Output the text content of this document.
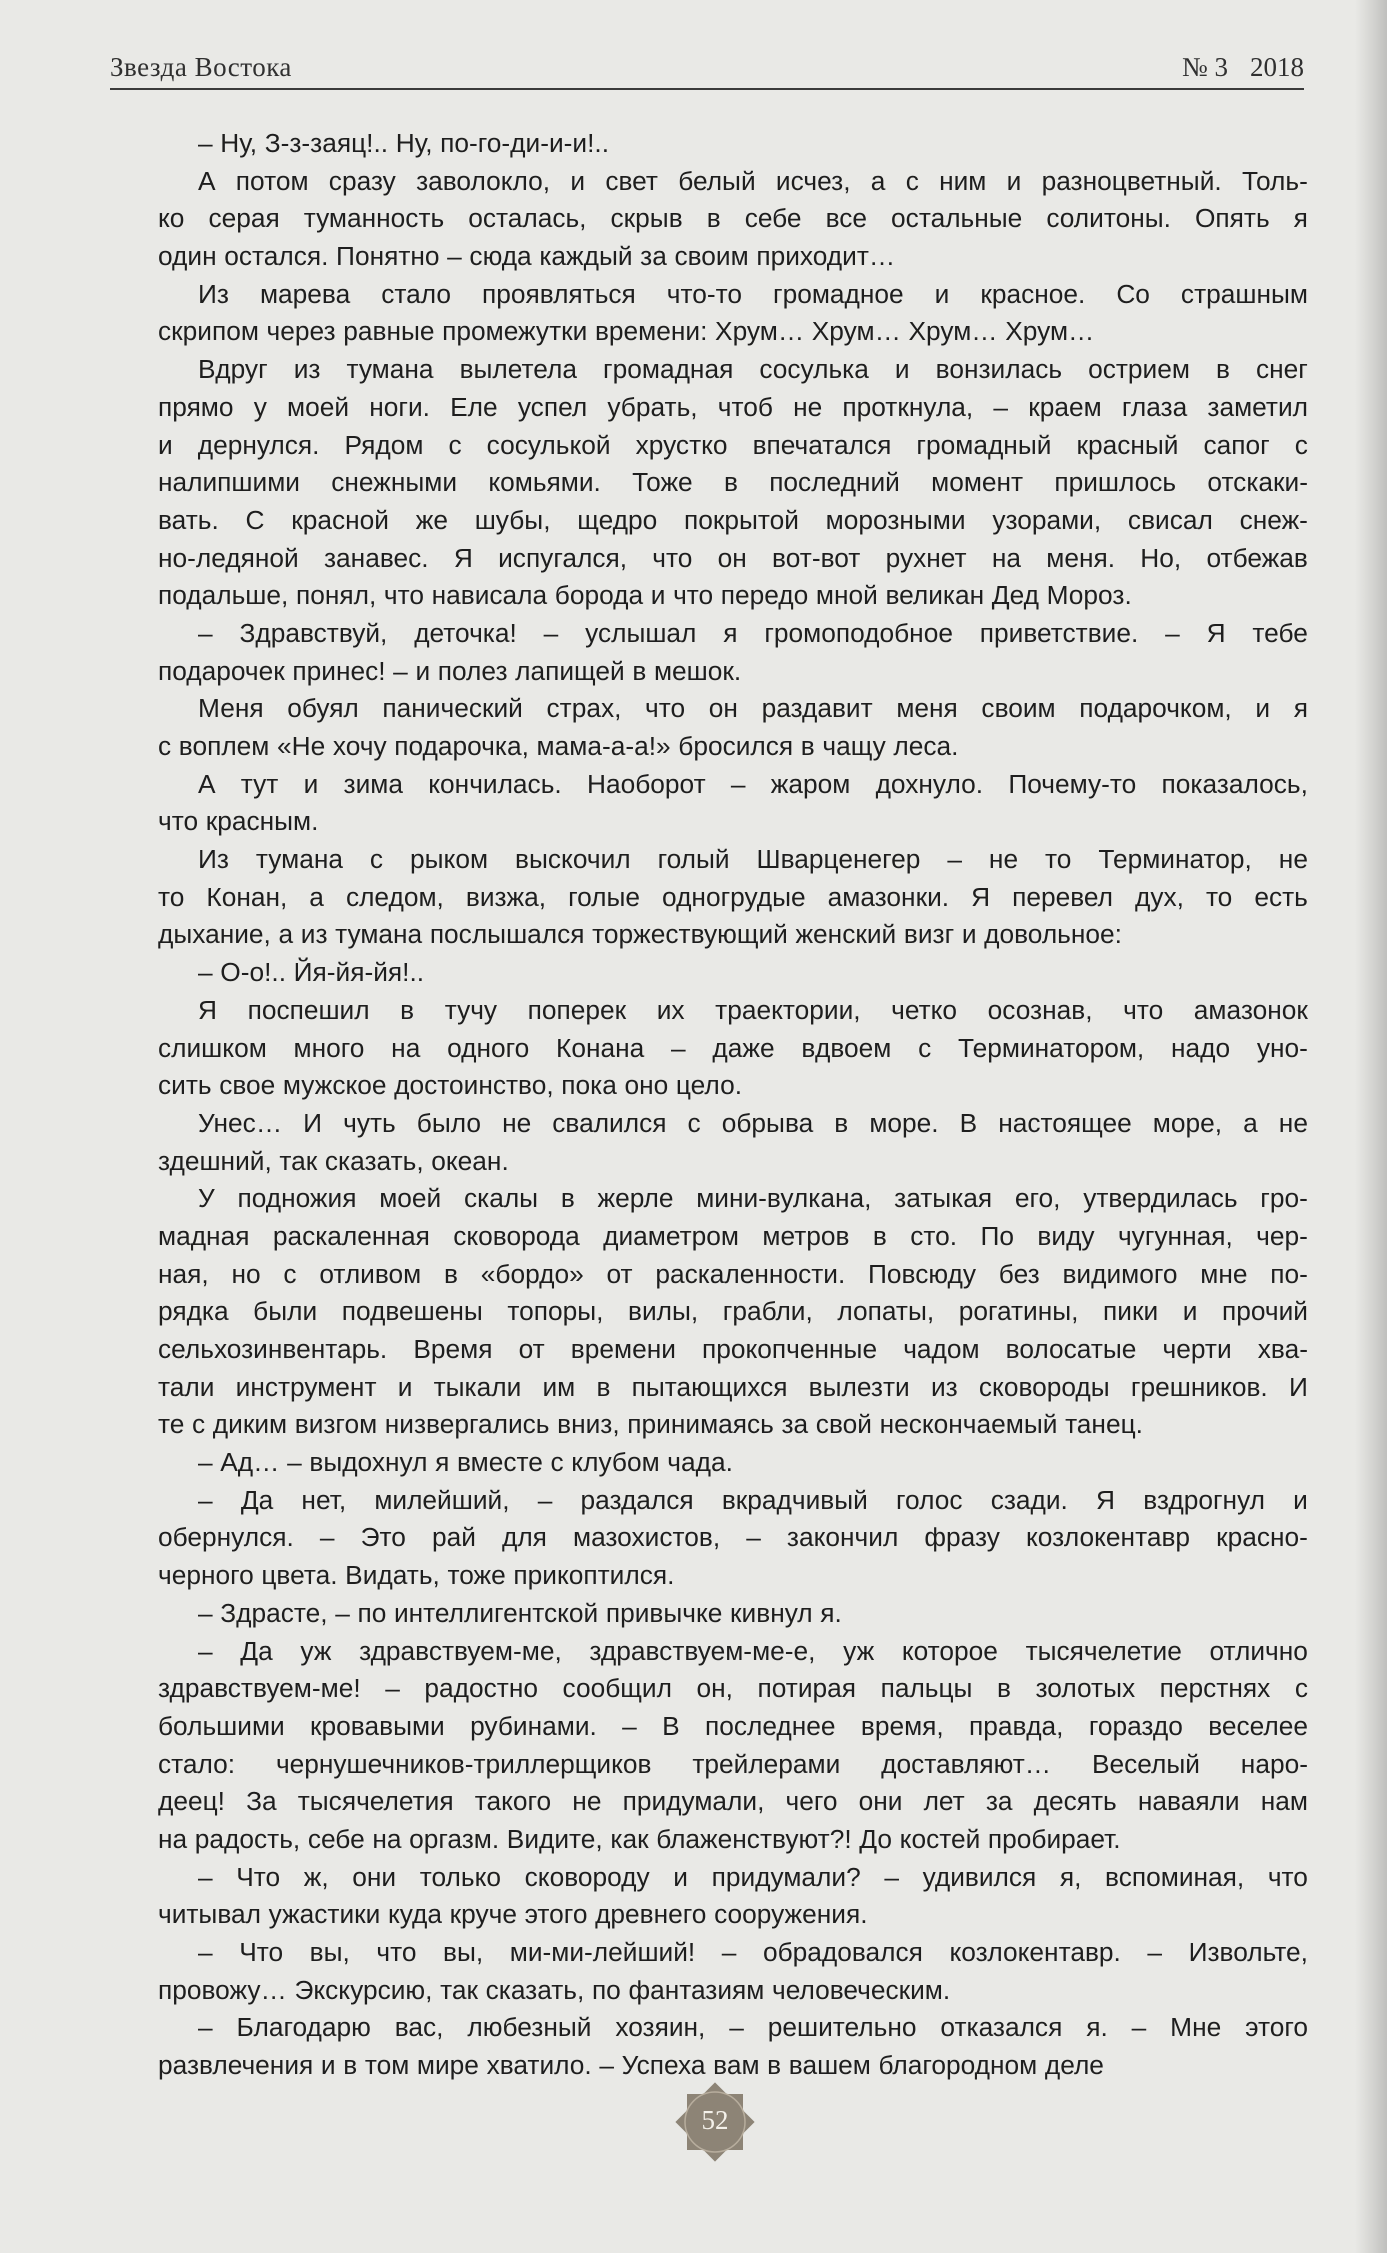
Звезда Востока	№ 3 2018
– Ну, З-з-заяц!.. Ну, по-го-ди-и-и!..
А потом сразу заволокло, и свет белый исчез, а с ним и разноцветный. Толь-
ко серая туманность осталась, скрыв в себе все остальные солитоны. Опять я
один остался. Понятно – сюда каждый за своим приходит…
Из марева стало проявляться что-то громадное и красное. Со страшным
скрипом через равные промежутки времени: Хрум… Хрум… Хрум… Хрум…
Вдруг из тумана вылетела громадная сосулька и вонзилась острием в снег
прямо у моей ноги. Еле успел убрать, чтоб не проткнула, – краем глаза заметил
и дернулся. Рядом с сосулькой хрустко впечатался громадный красный сапог с
налипшими снежными комьями. Тоже в последний момент пришлось отскаки-
вать. С красной же шубы, щедро покрытой морозными узорами, свисал снеж-
но-ледяной занавес. Я испугался, что он вот-вот рухнет на меня. Но, отбежав
подальше, понял, что нависала борода и что передо мной великан Дед Мороз.
– Здравствуй, деточка! – услышал я громоподобное приветствие. – Я тебе
подарочек принес! – и полез лапищей в мешок.
Меня обуял панический страх, что он раздавит меня своим подарочком, и я
с воплем «Не хочу подарочка, мама-а-а!» бросился в чащу леса.
А тут и зима кончилась. Наоборот – жаром дохнуло. Почему-то показалось,
что красным.
Из тумана с рыком выскочил голый Шварценегер – не то Терминатор, не
то Конан, а следом, визжа, голые одногрудые амазонки. Я перевел дух, то есть
дыхание, а из тумана послышался торжествующий женский визг и довольное:
– О-о!.. Йя-йя-йя!..
Я поспешил в тучу поперек их траектории, четко осознав, что амазонок
слишком много на одного Конана – даже вдвоем с Терминатором, надо уно-
сить свое мужское достоинство, пока оно цело.
Унес… И чуть было не свалился с обрыва в море. В настоящее море, а не
здешний, так сказать, океан.
У подножия моей скалы в жерле мини-вулкана, затыкая его, утвердилась гро-
мадная раскаленная сковорода диаметром метров в сто. По виду чугунная, чер-
ная, но с отливом в «бордо» от раскаленности. Повсюду без видимого мне по-
рядка были подвешены топоры, вилы, грабли, лопаты, рогатины, пики и прочий
сельхозинвентарь. Время от времени прокопченные чадом волосатые черти хва-
тали инструмент и тыкали им в пытающихся вылезти из сковороды грешников. И
те с диким визгом низвергались вниз, принимаясь за свой нескончаемый танец.
– Ад… – выдохнул я вместе с клубом чада.
– Да нет, милейший, – раздался вкрадчивый голос сзади. Я вздрогнул и
обернулся. – Это рай для мазохистов, – закончил фразу козлокентавр красно-
черного цвета. Видать, тоже прикоптился.
– Здрасте, – по интеллигентской привычке кивнул я.
– Да уж здравствуем-ме, здравствуем-ме-е, уж которое тысячелетие отлично
здравствуем-ме! – радостно сообщил он, потирая пальцы в золотых перстнях с
большими кровавыми рубинами. – В последнее время, правда, гораздо веселее
стало: чернушечников-триллерщиков трейлерами доставляют… Веселый наро-
деец! За тысячелетия такого не придумали, чего они лет за десять наваяли нам
на радость, себе на оргазм. Видите, как блаженствуют?! До костей пробирает.
– Что ж, они только сковороду и придумали? – удивился я, вспоминая, что
читывал ужастики куда круче этого древнего сооружения.
– Что вы, что вы, ми-ми-лейший! – обрадовался козлокентавр. – Извольте,
провожу… Экскурсию, так сказать, по фантазиям человеческим.
– Благодарю вас, любезный хозяин, – решительно отказался я. – Мне этого
развлечения и в том мире хватило. – Успеха вам в вашем благородном деле
52
